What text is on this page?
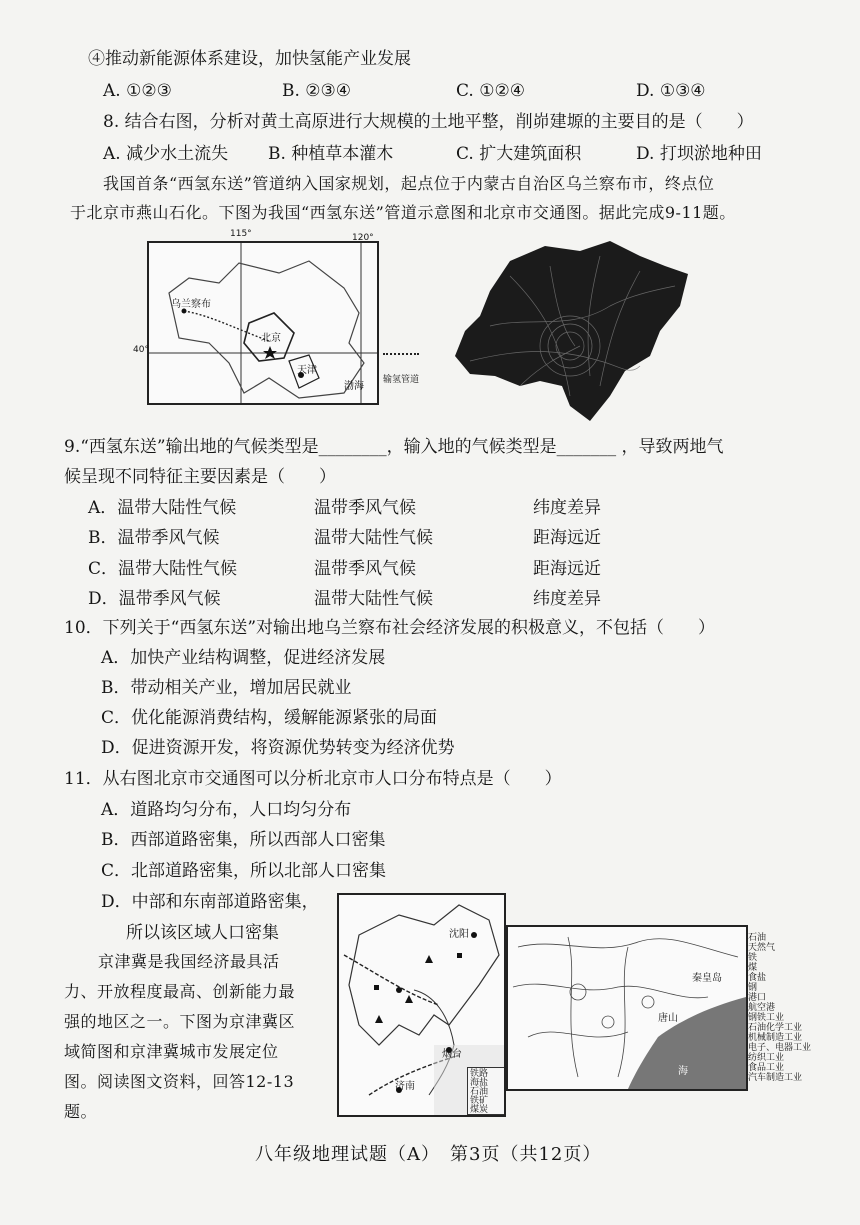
④推动新能源体系建设，加快氢能产业发展
A. ①②③	B. ②③④	C. ①②④	D. ①③④
8. 结合右图，分析对黄土高原进行大规模的土地平整，削峁建塬的主要目的是（　　）
A. 减少水土流失 B. 种植草本灌木	C. 扩大建筑面积	D. 打坝淤地种田
我国首条“西氢东送”管道纳入国家规划，起点位于内蒙古自治区乌兰察布市，终点位
于北京市燕山石化。下图为我国“西氢东送”管道示意图和北京市交通图。据此完成9-11题。
乌兰察布
北京
天津
渤海
115°	120°
40°
输氢管道
9.“西氢东送”输出地的气候类型是________，输入地的气候类型是_______ ，导致两地气
候呈现不同特征主要因素是（　　）
A．温带大陆性气候	温带季风气候	纬度差异
B．温带季风气候	温带大陆性气候	距海远近
C．温带大陆性气候	温带季风气候	距海远近
D．温带季风气候	温带大陆性气候	纬度差异
10．下列关于“西氢东送”对输出地乌兰察布社会经济发展的积极意义，不包括（　　）
A．加快产业结构调整，促进经济发展
B．带动相关产业，增加居民就业
C．优化能源消费结构，缓解能源紧张的局面
D．促进资源开发，将资源优势转变为经济优势
11．从右图北京市交通图可以分析北京市人口分布特点是（　　）
A．道路均匀分布，人口均匀分布
B．西部道路密集，所以西部人口密集
C．北部道路密集，所以北部人口密集
D．中部和东南部道路密集，
所以该区域人口密集
京津冀是我国经济最具活
力、开放程度最高、创新能力最
强的地区之一。下图为京津冀区
域简图和京津冀城市发展定位
图。阅读图文资料，回答12-13
题。
沈阳
烟台
济南
铁路
海盐
石油
铁矿
煤炭
秦皇岛
唐山
海
石油
天然气
铁
煤
食盐
钢
港口
航空港
钢铁工业
石油化学工业
机械制造工业
电子、电器工业
纺织工业
食品工业
汽车制造工业
八年级地理试题（A）　第3页（共12页）
